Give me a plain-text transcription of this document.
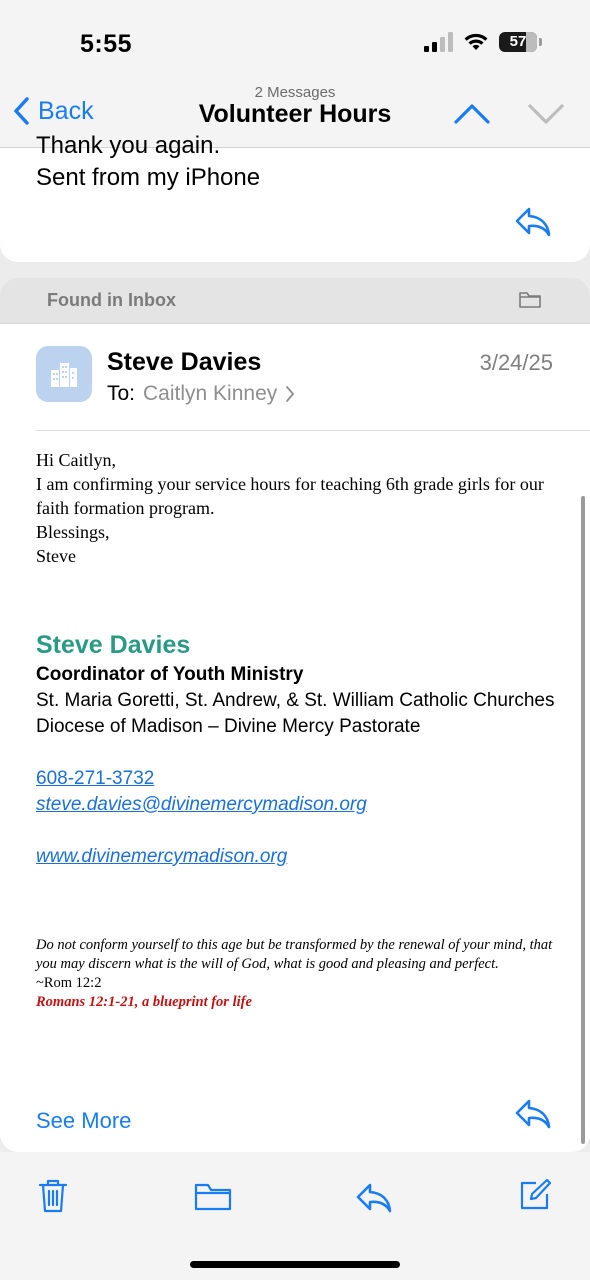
5:55	57
Back
2 Messages
Volunteer Hours
Thank you again.
Sent from my iPhone
Found in Inbox
Steve Davies	3/24/25
To: Caitlyn Kinney
Hi Caitlyn,
I am confirming your service hours for teaching 6th grade girls for our faith formation program.
Blessings,
Steve
Steve Davies
Coordinator of Youth Ministry
St. Maria Goretti, St. Andrew, & St. William Catholic Churches
Diocese of Madison – Divine Mercy Pastorate
608-271-3732
steve.davies@divinemercymadison.org
www.divinemercymadison.org
Do not conform yourself to this age but be transformed by the renewal of your mind, that you may discern what is the will of God, what is good and pleasing and perfect.
~Rom 12:2
Romans 12:1-21, a blueprint for life
See More
